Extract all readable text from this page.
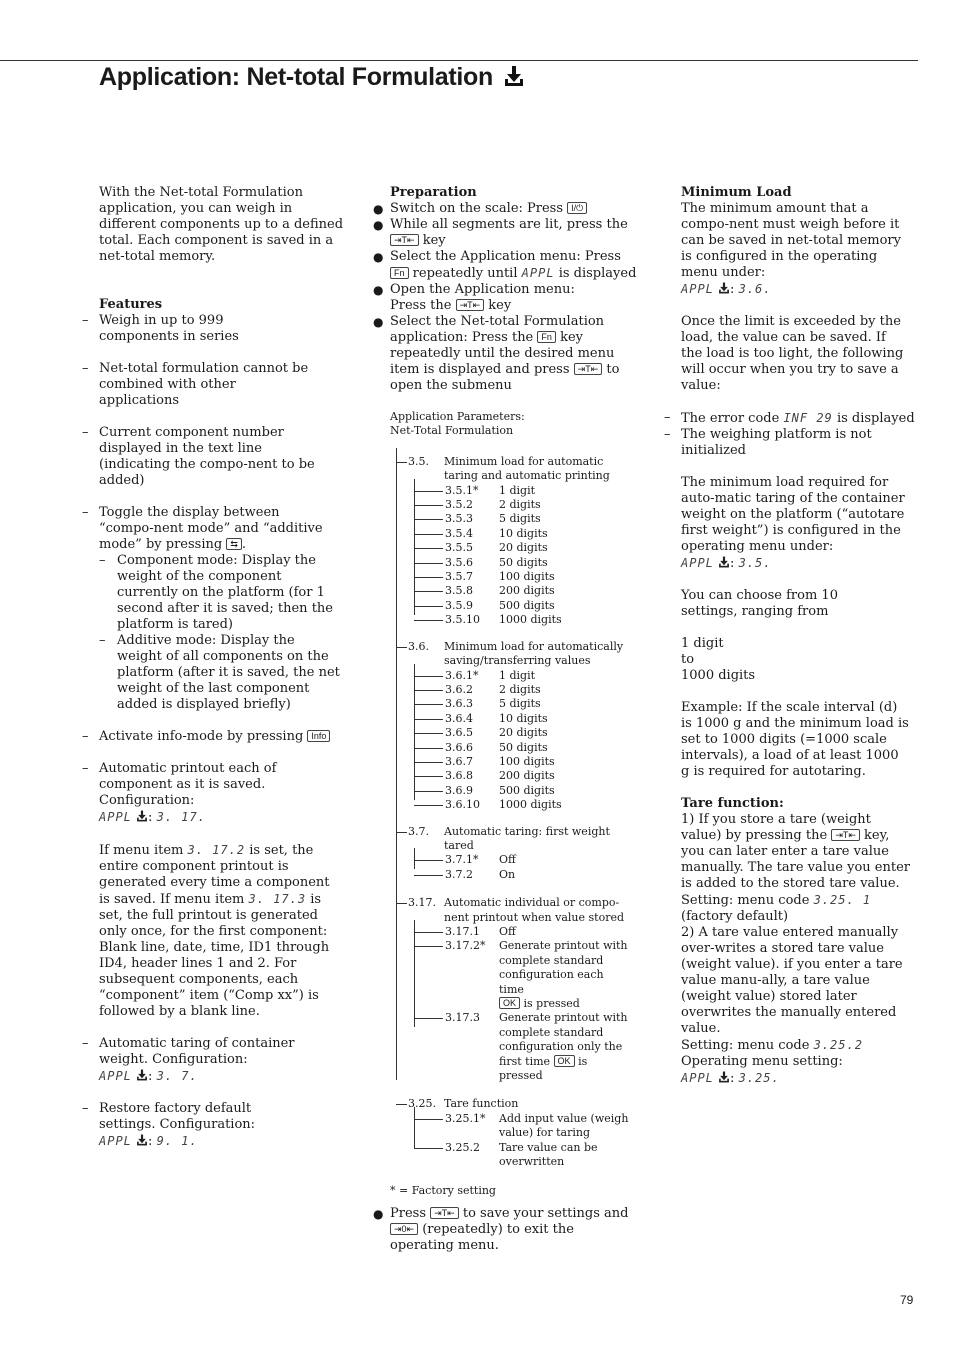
Application: Net-total Formulation
With the Net-total Formulation application, you can weigh in different components up to a defined total. Each component is saved in a net-total memory.
Features
– Weigh in up to 999 components in series
– Net-total formulation cannot be combined with other applications
– Current component number displayed in the text line (indicating the compo-nent to be added)
– Toggle the display between “compo-nent mode” and “additive mode” by pressing ⇆ .
– Component mode: Display the weight of the component currently on the platform (for 1 second after it is saved; then the platform is tared)
– Additive mode: Display the weight of all components on the platform (after it is saved, the net weight of the last component added is displayed briefly)
– Activate info-mode by pressing Info
– Automatic printout each of component as it is saved. Configuration:
APPL : 3. 17.
If menu item 3. 17.2 is set, the entire component printout is generated every time a component is saved. If menu item 3. 17.3 is set, the full printout is generated only once, for the first component:
Blank line, date, time, ID1 through ID4, header lines 1 and 2. For subsequent components, each “component” item (“Comp xx”) is followed by a blank line.
– Automatic taring of container weight. Configuration:
APPL : 3. 7.
– Restore factory default settings. Configuration:
APPL : 9. 1.
Preparation
● Switch on the scale: Press I/⏻
● While all segments are lit, press the ⇥T⇤ key
● Select the Application menu: Press Fn repeatedly until APPL is displayed
● Open the Application menu: Press the ⇥T⇤ key
● Select the Net-total Formulation application: Press the Fn key repeatedly until the desired menu item is displayed and press ⇥T⇤ to open the submenu
Application Parameters:
Net-Total Formulation
3.5. Minimum load for automatic taring and automatic printing
3.5.1* 1 digit
3.5.2 2 digits
3.5.3 5 digits
3.5.4 10 digits
3.5.5 20 digits
3.5.6 50 digits
3.5.7 100 digits
3.5.8 200 digits
3.5.9 500 digits
3.5.10 1000 digits
3.6. Minimum load for automatically saving/transferring values
3.6.1* 1 digit
3.6.2 2 digits
3.6.3 5 digits
3.6.4 10 digits
3.6.5 20 digits
3.6.6 50 digits
3.6.7 100 digits
3.6.8 200 digits
3.6.9 500 digits
3.6.10 1000 digits
3.7. Automatic taring: first weight tared
3.7.1* Off
3.7.2 On
3.17. Automatic individual or compo-nent printout when value stored
3.17.1 Off
3.17.2* Generate printout with complete standard configuration each time
OK is pressed
3.17.3 Generate printout with complete standard configuration only the first time OK is pressed
3.25. Tare function
3.25.1* Add input value (weigh value) for taring
3.25.2 Tare value can be overwritten
* = Factory setting
● Press ⇥T⇤ to save your settings and ⇥0⇤ (repeatedly) to exit the operating menu.
Minimum Load
The minimum amount that a compo-nent must weigh before it can be saved in net-total memory is configured in the operating menu under:
APPL : 3.6.
Once the limit is exceeded by the load, the value can be saved. If the load is too light, the following will occur when you try to save a value:
– The error code INF 29 is displayed
– The weighing platform is not initialized
The minimum load required for auto-matic taring of the container weight on the platform (“autotare first weight”) is configured in the operating menu under:
APPL : 3.5.
You can choose from 10 settings, ranging from
1 digit
to
1000 digits
Example: If the scale interval (d) is 1000 g and the minimum load is set to 1000 digits (=1000 scale intervals), a load of at least 1000 g is required for autotaring.
Tare function:
1) If you store a tare (weight value) by pressing the ⇥T⇤ key, you can later enter a tare value manually. The tare value you enter is added to the stored tare value.
Setting: menu code 3.25. 1
(factory default)
2) A tare value entered manually over-writes a stored tare value (weight value). if you enter a tare value manu-ally, a tare value (weight value) stored later overwrites the manually entered value.
Setting: menu code 3.25.2
Operating menu setting:
APPL : 3.25.
79
